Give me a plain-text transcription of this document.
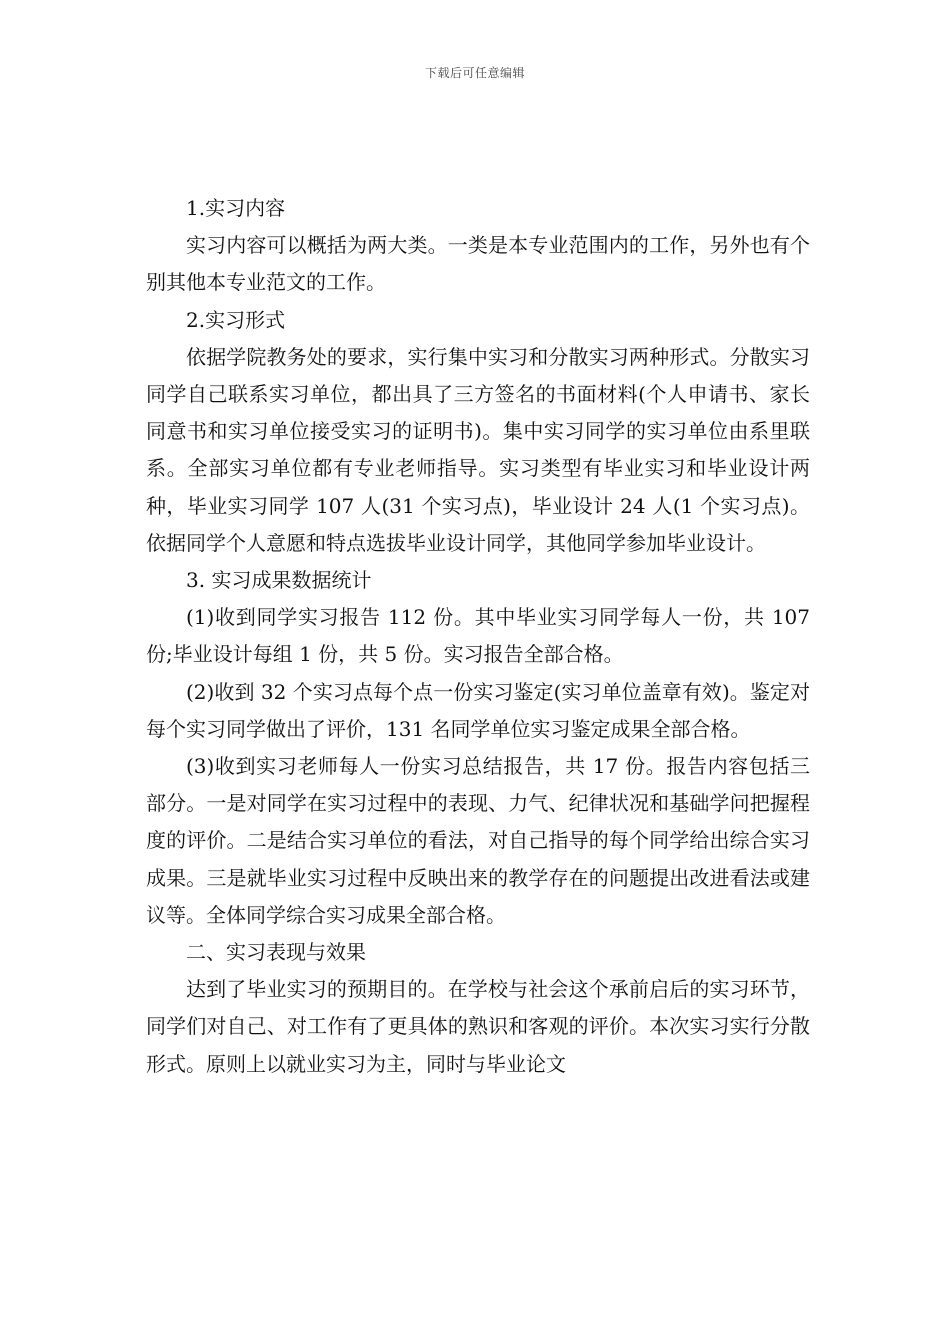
下载后可任意编辑

1.实习内容

实习内容可以概括为两大类。一类是本专业范围内的工作，另外也有个别其他本专业范文的工作。

2.实习形式

依据学院教务处的要求，实行集中实习和分散实习两种形式。分散实习同学自己联系实习单位，都出具了三方签名的书面材料(个人申请书、家长同意书和实习单位接受实习的证明书)。集中实习同学的实习单位由系里联系。全部实习单位都有专业老师指导。实习类型有毕业实习和毕业设计两种，毕业实习同学 107 人(31 个实习点)，毕业设计 24 人(1 个实习点)。依据同学个人意愿和特点选拔毕业设计同学，其他同学参加毕业设计。

3. 实习成果数据统计

(1)收到同学实习报告 112 份。其中毕业实习同学每人一份，共 107 份;毕业设计每组 1 份，共 5 份。实习报告全部合格。

(2)收到 32 个实习点每个点一份实习鉴定(实习单位盖章有效)。鉴定对每个实习同学做出了评价，131 名同学单位实习鉴定成果全部合格。

(3)收到实习老师每人一份实习总结报告，共 17 份。报告内容包括三部分。一是对同学在实习过程中的表现、力气、纪律状况和基础学问把握程度的评价。二是结合实习单位的看法，对自己指导的每个同学给出综合实习成果。三是就毕业实习过程中反映出来的教学存在的问题提出改进看法或建议等。全体同学综合实习成果全部合格。

二、实习表现与效果

达到了毕业实习的预期目的。在学校与社会这个承前启后的实习环节，同学们对自己、对工作有了更具体的熟识和客观的评价。本次实习实行分散形式。原则上以就业实习为主，同时与毕业论文
